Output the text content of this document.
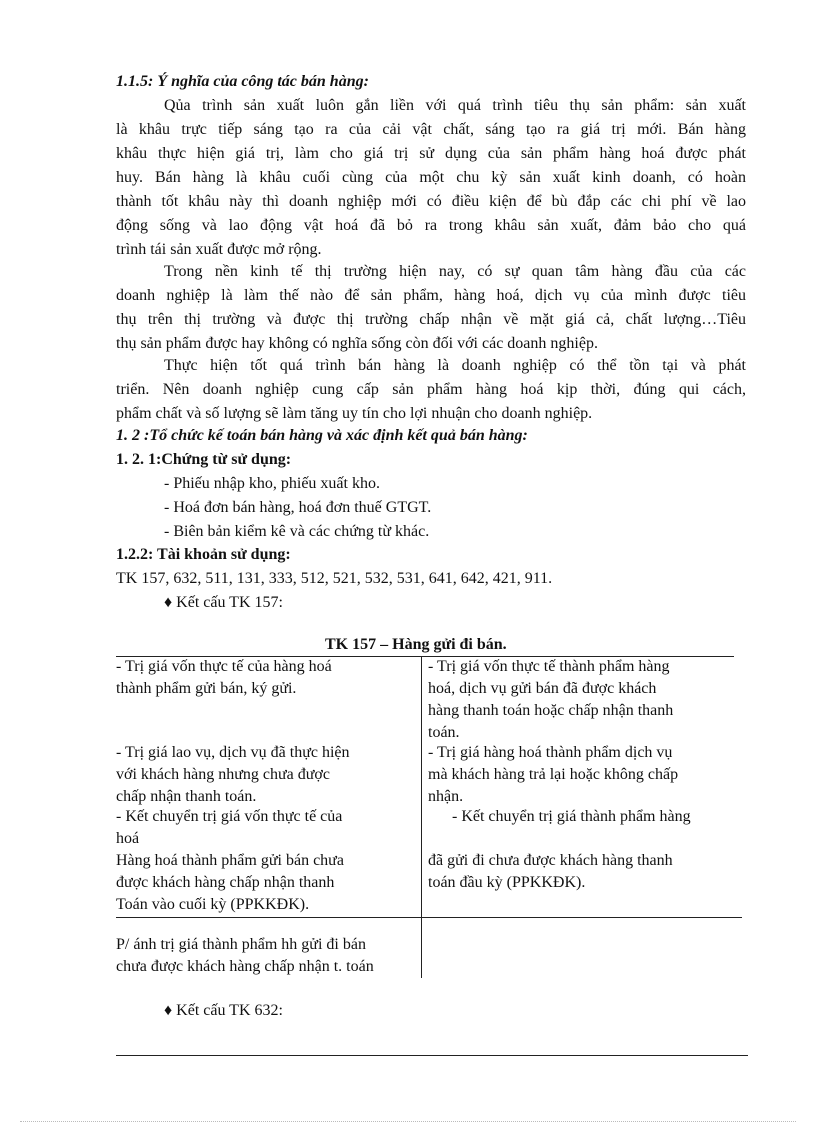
1.1.5: Ý nghĩa của công tác bán hàng:
Qủa trình sản xuất luôn gắn liền với quá trình tiêu thụ sản phẩm: sản xuất
là khâu trực tiếp sáng tạo ra của cải vật chất, sáng tạo ra giá trị mới. Bán hàng
khâu thực hiện giá trị, làm cho giá trị sử dụng của sản phẩm hàng hoá được phát
huy. Bán hàng là khâu cuối cùng của một chu kỳ sản xuất kinh doanh, có hoàn
thành tốt khâu này thì doanh nghiệp mới có điều kiện để bù đắp các chi phí về lao
động sống và lao động vật hoá đã bỏ ra trong khâu sản xuất, đảm bảo cho quá
trình tái sản xuất được mở rộng.
Trong nền kinh tế thị trường hiện nay, có sự quan tâm hàng đầu của các
doanh nghiệp là làm thế nào để sản phẩm, hàng hoá, dịch vụ của mình được tiêu
thụ trên thị trường và được thị trường chấp nhận về mặt giá cả, chất lượng…Tiêu
thụ sản phẩm được hay không có nghĩa sống còn đối với các doanh nghiệp.
Thực hiện tốt quá trình bán hàng là doanh nghiệp có thể tồn tại và phát
triển. Nên doanh nghiệp cung cấp sản phẩm hàng hoá kịp thời, đúng qui cách,
phẩm chất và số lượng sẽ làm tăng uy tín cho lợi nhuận cho doanh nghiệp.
1. 2 :Tổ chức kế toán bán hàng và xác định kết quả bán hàng:
1. 2. 1:Chứng từ sử dụng:
- Phiếu nhập kho, phiếu xuất kho.
- Hoá đơn bán hàng, hoá đơn thuế GTGT.
- Biên bản kiểm kê và các chứng từ khác.
1.2.2: Tài khoản sử dụng:
TK 157, 632, 511, 131, 333, 512, 521, 532, 531, 641, 642, 421, 911.
♦ Kết cấu TK 157:
TK 157 – Hàng gửi đi bán.
- Trị giá vốn thực tế của hàng hoá
thành phẩm gửi bán, ký gửi.
- Trị giá lao vụ, dịch vụ đã thực hiện
với khách hàng nhưng chưa được
chấp nhận thanh toán.
- Kết chuyển trị giá vốn thực tế của
hoá
Hàng hoá thành phẩm gửi bán chưa
được khách hàng chấp nhận thanh
Toán vào cuối kỳ (PPKKĐK).
- Trị giá vốn thực tế thành phẩm hàng
hoá, dịch vụ gửi bán đã được khách
hàng thanh toán hoặc chấp nhận thanh
toán.
- Trị giá hàng hoá thành phẩm dịch vụ
mà khách hàng trả lại hoặc không chấp
nhận.
- Kết chuyển trị giá thành phẩm hàng
đã gửi đi chưa được khách hàng thanh
toán đầu kỳ (PPKKĐK).
P/ ánh trị giá thành phẩm hh gửi đi bán
chưa được khách hàng chấp nhận t. toán
♦ Kết cấu TK 632:
